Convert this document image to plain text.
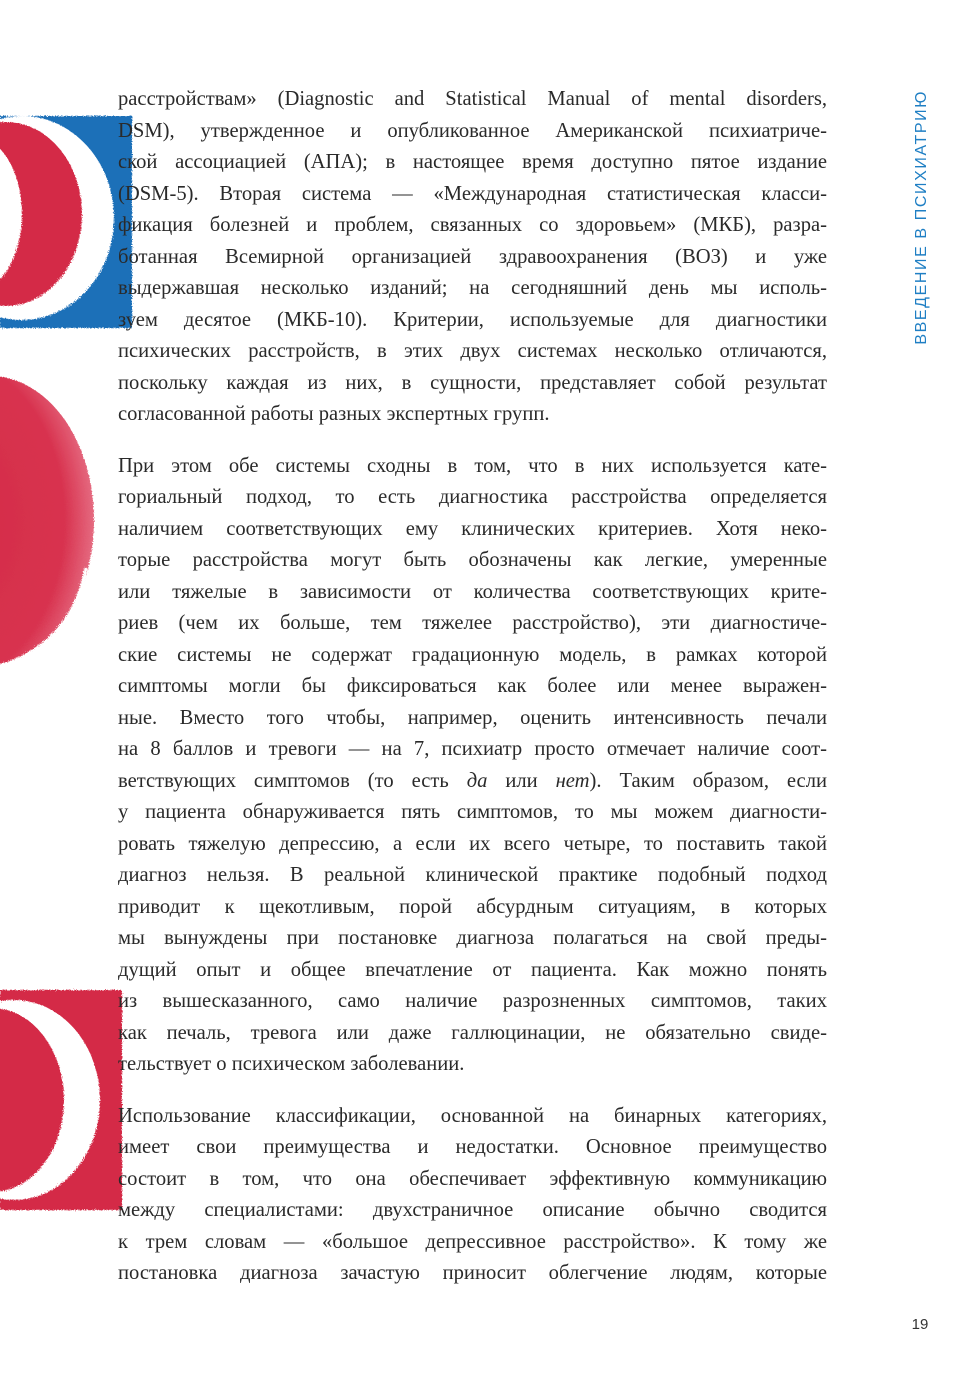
ВВЕДЕНИЕ В ПСИХИАТРИЮ

расстройствам» (Diagnostic and Statistical Manual of mental disorders,
DSM), утвержденное и опубликованное Американской психиатриче-
ской ассоциацией (АПА); в настоящее время доступно пятое издание
(DSM-5). Вторая система — «Международная статистическая класси-
фикация болезней и проблем, связанных со здоровьем» (МКБ), разра-
ботанная Всемирной организацией здравоохранения (ВОЗ) и уже
выдержавшая несколько изданий; на сегодняшний день мы исполь-
зуем десятое (МКБ-10). Критерии, используемые для диагностики
психических расстройств, в этих двух системах несколько отличаются,
поскольку каждая из них, в сущности, представляет собой результат
согласованной работы разных экспертных групп.

При этом обе системы сходны в том, что в них используется кате-
гориальный подход, то есть диагностика расстройства определяется
наличием соответствующих ему клинических критериев. Хотя неко-
торые расстройства могут быть обозначены как легкие, умеренные
или тяжелые в зависимости от количества соответствующих крите-
риев (чем их больше, тем тяжелее расстройство), эти диагностиче-
ские системы не содержат градационную модель, в рамках которой
симптомы могли бы фиксироваться как более или менее выражен-
ные. Вместо того чтобы, например, оценить интенсивность печали
на 8 баллов и тревоги — на 7, психиатр просто отмечает наличие соот-
ветствующих симптомов (то есть да или нет). Таким образом, если
у пациента обнаруживается пять симптомов, то мы можем диагности-
ровать тяжелую депрессию, а если их всего четыре, то поставить такой
диагноз нельзя. В реальной клинической практике подобный подход
приводит к щекотливым, порой абсурдным ситуациям, в которых
мы вынуждены при постановке диагноза полагаться на свой преды-
дущий опыт и общее впечатление от пациента. Как можно понять
из вышесказанного, само наличие разрозненных симптомов, таких
как печаль, тревога или даже галлюцинации, не обязательно свиде-
тельствует о психическом заболевании.

Использование классификации, основанной на бинарных категориях,
имеет свои преимущества и недостатки. Основное преимущество
состоит в том, что она обеспечивает эффективную коммуникацию
между специалистами: двухстраничное описание обычно сводится
к трем словам — «большое депрессивное расстройство». К тому же
постановка диагноза зачастую приносит облегчение людям, которые

19
